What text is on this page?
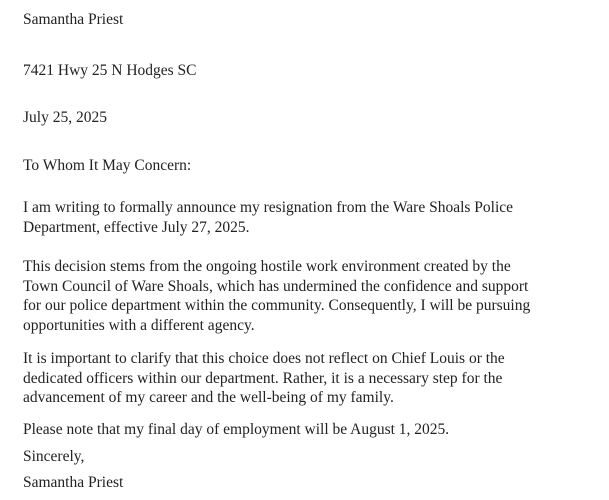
Samantha Priest

7421 Hwy 25 N Hodges SC

July 25, 2025

To Whom It May Concern:

I am writing to formally announce my resignation from the Ware Shoals Police
Department, effective July 27, 2025.
This decision stems from the ongoing hostile work environment created by the
Town Council of Ware Shoals, which has undermined the confidence and support
for our police department within the community. Consequently, I will be pursuing
opportunities with a different agency.
It is important to clarify that this choice does not reflect on Chief Louis or the
dedicated officers within our department. Rather, it is a necessary step for the
advancement of my career and the well-being of my family.
Please note that my final day of employment will be August 1, 2025.
Sincerely,
Samantha Priest
